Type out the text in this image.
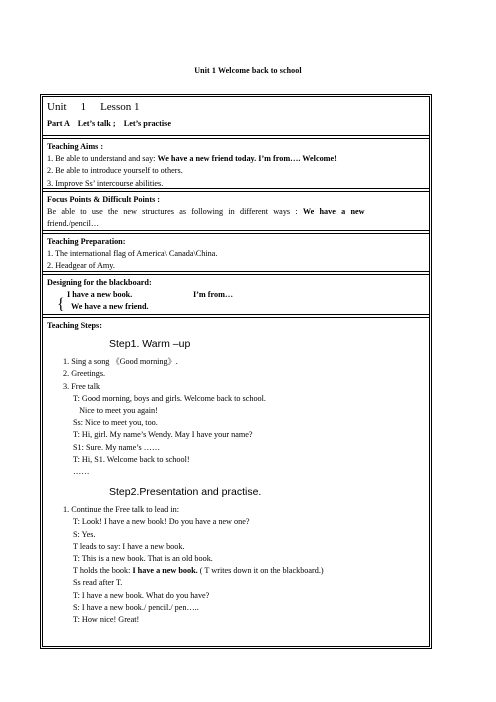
Unit 1 Welcome back to school
Unit 1 Lesson 1
Part A    Let’s talk ;    Let’s practise
Teaching Aims :
1. Be able to understand and say: We have a new friend today. I’m from…. Welcome!
2. Be able to introduce yourself to others.
3. Improve Ss’ intercourse abilities.
Focus Points & Difficult Points :
Be able to use the new structures as following in different ways : We have a new
friend./pencil…
Teaching Preparation:
1. The international flag of America\ Canada\China.
2. Headgear of Amy.
Designing for the blackboard:
{
I have a new book.	I’m from…
We have a new friend.
Teaching Steps:
Step1. Warm –up
1. Sing a song 《Good morning》.
2. Greetings.
3. Free talk
T: Good morning, boys and girls. Welcome back to school.
Nice to meet you again!
Ss: Nice to meet you, too.
T: Hi, girl. My name’s Wendy. May I have your name?
S1: Sure. My name’s ……
T: Hi, S1. Welcome back to school!
……
Step2.Presentation and practise.
1. Continue the Free talk to lead in:
T: Look! I have a new book! Do you have a new one?
S: Yes.
T leads to say: I have a new book.
T: This is a new book. That is an old book.
T holds the book: I have a new book. ( T writes down it on the blackboard.)
Ss read after T.
T: I have a new book. What do you have?
S: I have a new book./ pencil./ pen…..
T: How nice! Great!
